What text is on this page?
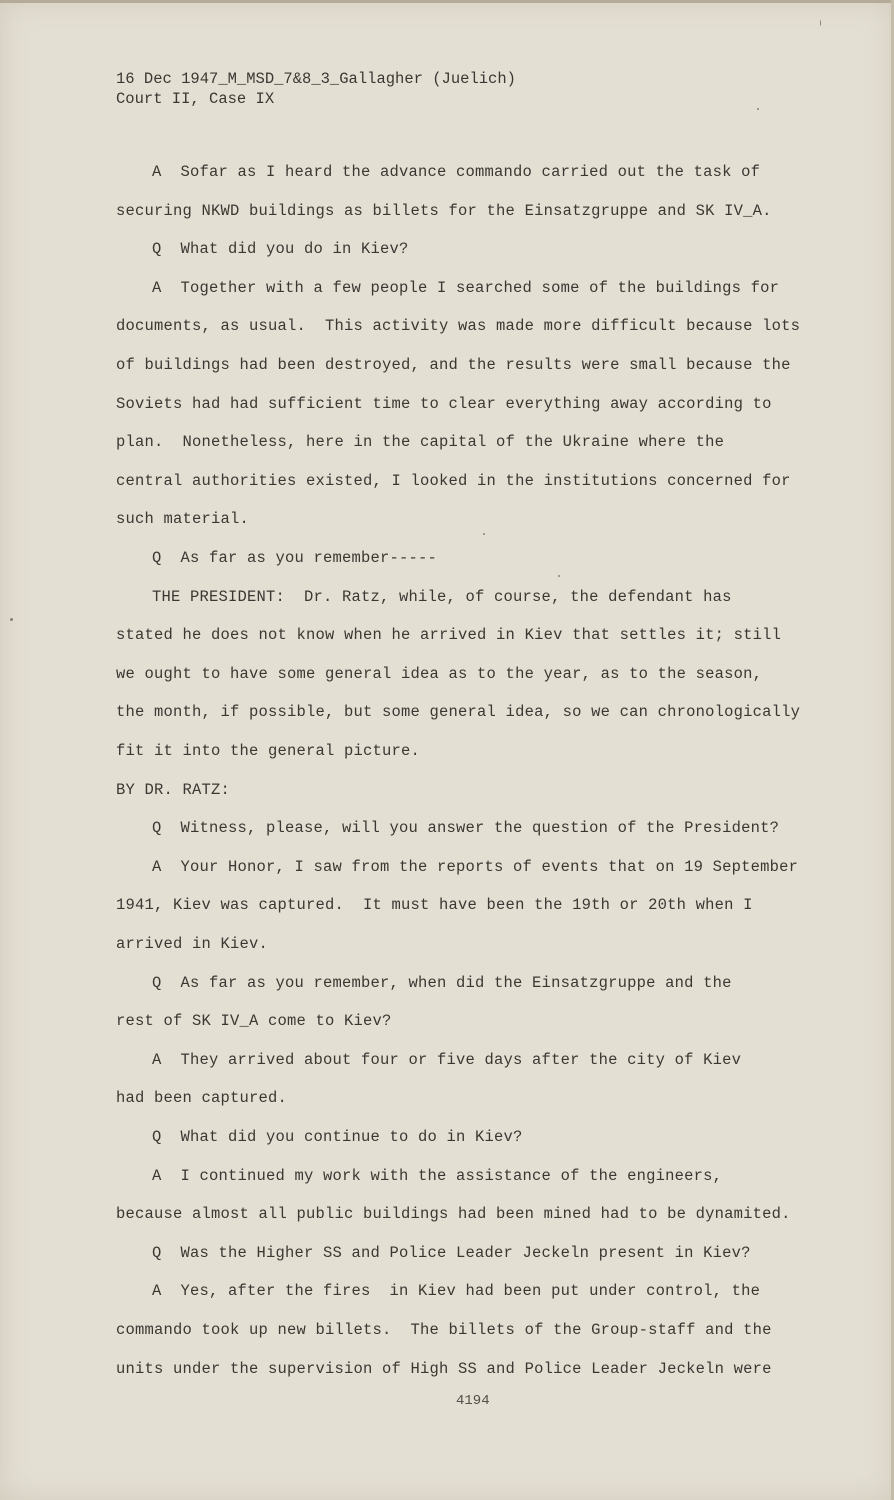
16 Dec 1947_M_MSD_7&8_3_Gallagher (Juelich)
Court II, Case IX
A  Sofar as I heard the advance commando carried out the task of
securing NKWD buildings as billets for the Einsatzgruppe and SK IV_A.
Q  What did you do in Kiev?
A  Together with a few people I searched some of the buildings for
documents, as usual.  This activity was made more difficult because lots
of buildings had been destroyed, and the results were small because the
Soviets had had sufficient time to clear everything away according to
plan.  Nonetheless, here in the capital of the Ukraine where the
central authorities existed, I looked in the institutions concerned for
such material.
Q  As far as you remember-----
THE PRESIDENT:  Dr. Ratz, while, of course, the defendant has
stated he does not know when he arrived in Kiev that settles it; still
we ought to have some general idea as to the year, as to the season,
the month, if possible, but some general idea, so we can chronologically
fit it into the general picture.
BY DR. RATZ:
Q  Witness, please, will you answer the question of the President?
A  Your Honor, I saw from the reports of events that on 19 September
1941, Kiev was captured.  It must have been the 19th or 20th when I
arrived in Kiev.
Q  As far as you remember, when did the Einsatzgruppe and the
rest of SK IV_A come to Kiev?
A  They arrived about four or five days after the city of Kiev
had been captured.
Q  What did you continue to do in Kiev?
A  I continued my work with the assistance of the engineers,
because almost all public buildings had been mined had to be dynamited.
Q  Was the Higher SS and Police Leader Jeckeln present in Kiev?
A  Yes, after the fires  in Kiev had been put under control, the
commando took up new billets.  The billets of the Group-staff and the
units under the supervision of High SS and Police Leader Jeckeln were
4194
